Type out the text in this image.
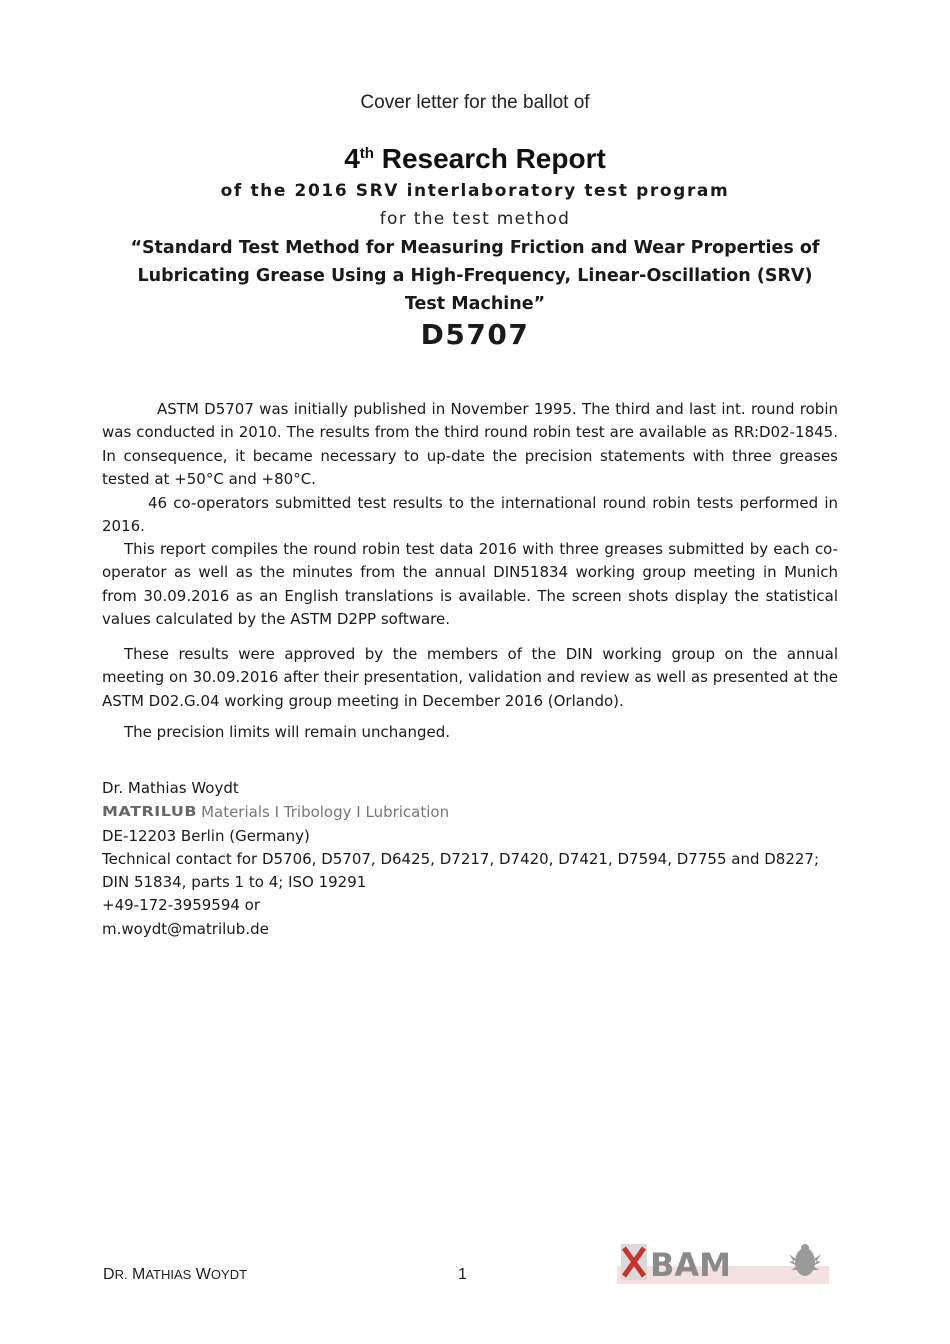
Cover letter for the ballot of
4th Research Report
of the 2016 SRV interlaboratory test program
for the test method
“Standard Test Method for Measuring Friction and Wear Properties of Lubricating Grease Using a High-Frequency, Linear-Oscillation (SRV) Test Machine”
D5707

ASTM D5707 was initially published in November 1995. The third and last int. round robin was conducted in 2010. The results from the third round robin test are available as RR:D02-1845. In consequence, it became necessary to up-date the precision statements with three greases tested at +50°C and +80°C.

46 co-operators submitted test results to the international round robin tests performed in 2016.

This report compiles the round robin test data 2016 with three greases submitted by each co-operator as well as the minutes from the annual DIN51834 working group meeting in Munich from 30.09.2016 as an English translations is available. The screen shots display the statistical values calculated by the ASTM D2PP software.

These results were approved by the members of the DIN working group on the annual meeting on 30.09.2016 after their presentation, validation and review as well as presented at the ASTM D02.G.04 working group meeting in December 2016 (Orlando).

The precision limits will remain unchanged.

Dr. Mathias Woydt
MATRILUB Materials I Tribology I Lubrication
DE-12203 Berlin (Germany)
Technical contact for D5706, D5707, D6425, D7217, D7420, D7421, D7594, D7755 and D8227;
DIN 51834, parts 1 to 4; ISO 19291
+49-172-3959594 or
m.woydt@matrilub.de
DR. MATHIAS WOYDT	1	BAM
